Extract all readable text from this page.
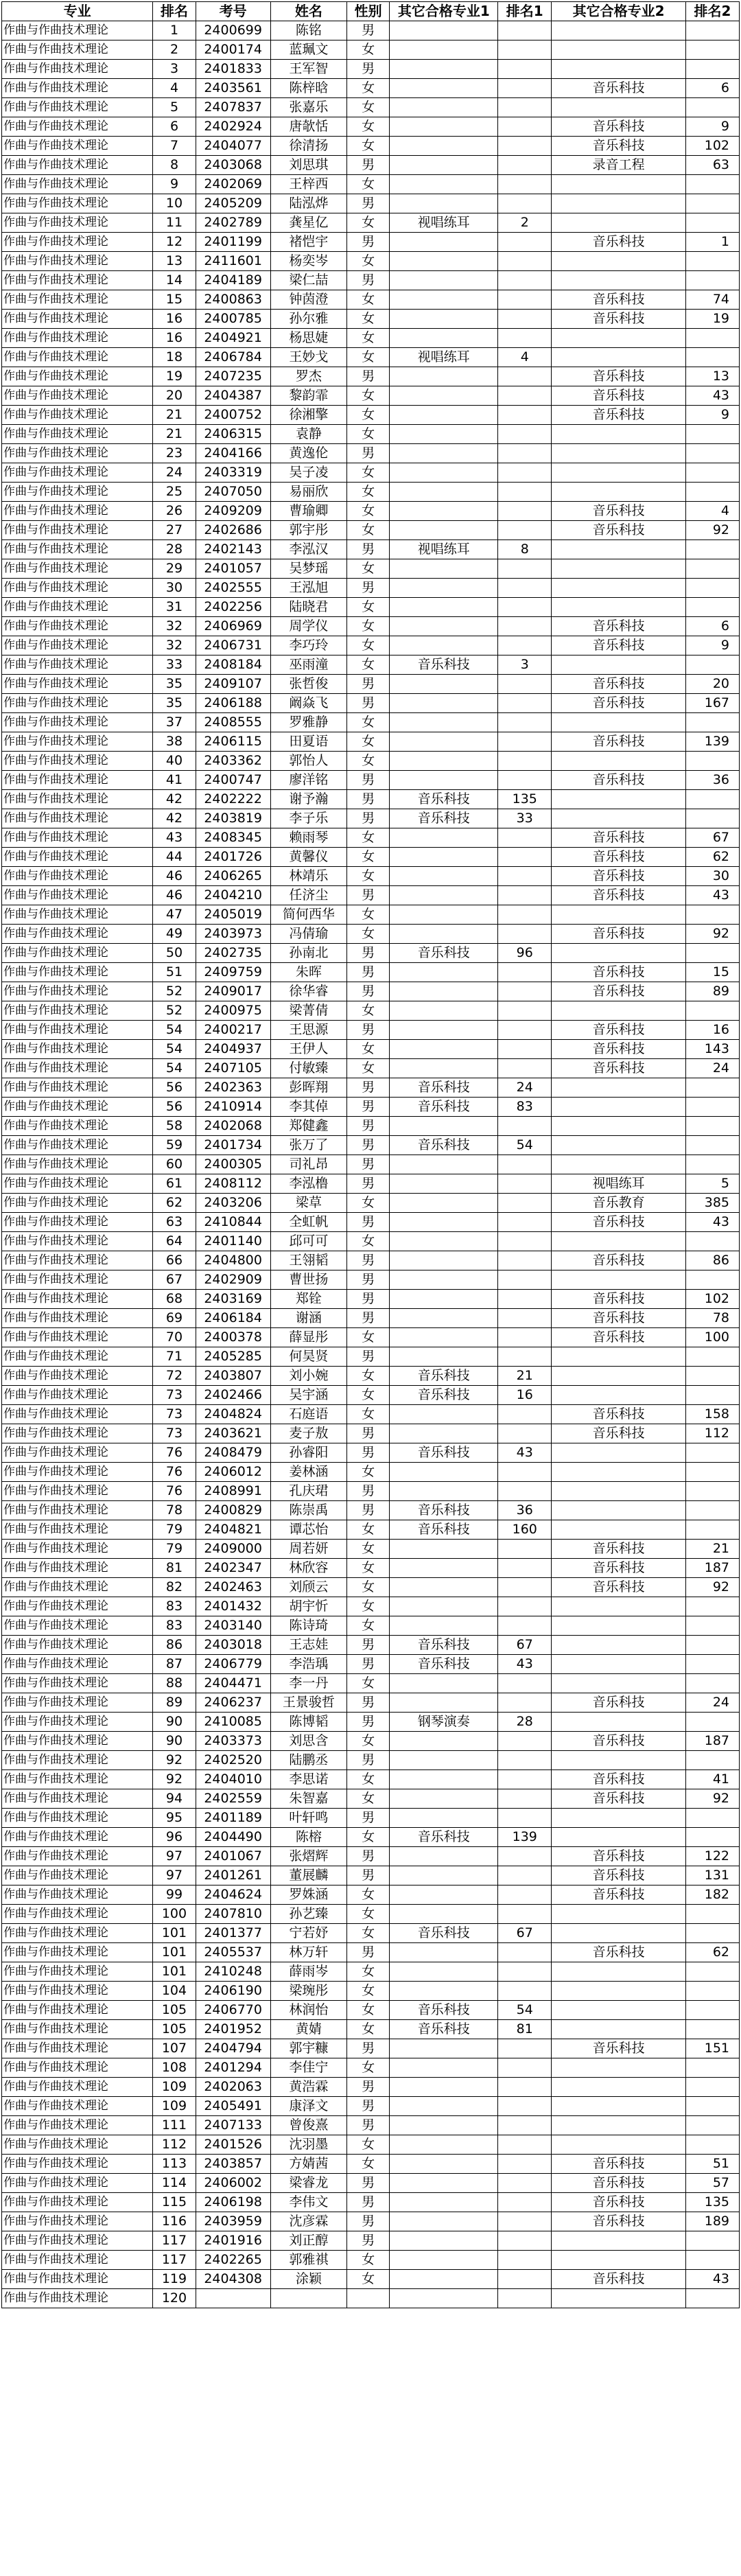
专业	排名	考号	姓名	性别	其它合格专业1	排名1	其它合格专业2	排名2
作曲与作曲技术理论	1	2400699	陈铭	男				
作曲与作曲技术理论	2	2400174	蓝珮文	女				
作曲与作曲技术理论	3	2401833	王军智	男				
作曲与作曲技术理论	4	2403561	陈梓晗	女			音乐科技	6
作曲与作曲技术理论	5	2407837	张嘉乐	女				
作曲与作曲技术理论	6	2402924	唐欹恬	女			音乐科技	9
作曲与作曲技术理论	7	2404077	徐清扬	女			音乐科技	102
作曲与作曲技术理论	8	2403068	刘思琪	男			录音工程	63
作曲与作曲技术理论	9	2402069	王梓西	女				
作曲与作曲技术理论	10	2405209	陆泓烨	男				
作曲与作曲技术理论	11	2402789	龚星亿	女	视唱练耳	2		
作曲与作曲技术理论	12	2401199	褚恺宇	男			音乐科技	1
作曲与作曲技术理论	13	2411601	杨奕岑	女				
作曲与作曲技术理论	14	2404189	梁仁喆	男				
作曲与作曲技术理论	15	2400863	钟茵澄	女			音乐科技	74
作曲与作曲技术理论	16	2400785	孙尔雅	女			音乐科技	19
作曲与作曲技术理论	16	2404921	杨思婕	女				
作曲与作曲技术理论	18	2406784	王妙戈	女	视唱练耳	4		
作曲与作曲技术理论	19	2407235	罗杰	男			音乐科技	13
作曲与作曲技术理论	20	2404387	黎韵霏	女			音乐科技	43
作曲与作曲技术理论	21	2400752	徐湘擎	女			音乐科技	9
作曲与作曲技术理论	21	2406315	袁静	女				
作曲与作曲技术理论	23	2404166	黄逸伦	男				
作曲与作曲技术理论	24	2403319	吴子凌	女				
作曲与作曲技术理论	25	2407050	易丽欣	女				
作曲与作曲技术理论	26	2409209	曹瑜卿	女			音乐科技	4
作曲与作曲技术理论	27	2402686	郭宇彤	女			音乐科技	92
作曲与作曲技术理论	28	2402143	李泓汉	男	视唱练耳	8		
作曲与作曲技术理论	29	2401057	吴梦瑶	女				
作曲与作曲技术理论	30	2402555	王泓旭	男				
作曲与作曲技术理论	31	2402256	陆晓君	女				
作曲与作曲技术理论	32	2406969	周学仪	女			音乐科技	6
作曲与作曲技术理论	32	2406731	李巧玲	女			音乐科技	9
作曲与作曲技术理论	33	2408184	巫雨潼	女	音乐科技	3		
作曲与作曲技术理论	35	2409107	张哲俊	男			音乐科技	20
作曲与作曲技术理论	35	2406188	阚焱飞	男			音乐科技	167
作曲与作曲技术理论	37	2408555	罗雅静	女				
作曲与作曲技术理论	38	2406115	田夏语	女			音乐科技	139
作曲与作曲技术理论	40	2403362	郭怡人	女				
作曲与作曲技术理论	41	2400747	廖洋铭	男			音乐科技	36
作曲与作曲技术理论	42	2402222	谢予瀚	男	音乐科技	135		
作曲与作曲技术理论	42	2403819	李子乐	男	音乐科技	33		
作曲与作曲技术理论	43	2408345	赖雨琴	女			音乐科技	67
作曲与作曲技术理论	44	2401726	黄馨仪	女			音乐科技	62
作曲与作曲技术理论	46	2406265	林靖乐	女			音乐科技	30
作曲与作曲技术理论	46	2404210	任济尘	男			音乐科技	43
作曲与作曲技术理论	47	2405019	简何西华	女				
作曲与作曲技术理论	49	2403973	冯倩瑜	女			音乐科技	92
作曲与作曲技术理论	50	2402735	孙南北	男	音乐科技	96		
作曲与作曲技术理论	51	2409759	朱晖	男			音乐科技	15
作曲与作曲技术理论	52	2409017	徐华睿	男			音乐科技	89
作曲与作曲技术理论	52	2400975	梁菁倩	女				
作曲与作曲技术理论	54	2400217	王思源	男			音乐科技	16
作曲与作曲技术理论	54	2404937	王伊人	女			音乐科技	143
作曲与作曲技术理论	54	2407105	付敏臻	女			音乐科技	24
作曲与作曲技术理论	56	2402363	彭晖翔	男	音乐科技	24		
作曲与作曲技术理论	56	2410914	李其倬	男	音乐科技	83		
作曲与作曲技术理论	58	2402068	郑健鑫	男				
作曲与作曲技术理论	59	2401734	张万了	男	音乐科技	54		
作曲与作曲技术理论	60	2400305	司礼昂	男				
作曲与作曲技术理论	61	2408112	李泓橹	男			视唱练耳	5
作曲与作曲技术理论	62	2403206	梁草	女			音乐教育	385
作曲与作曲技术理论	63	2410844	全虹帆	男			音乐科技	43
作曲与作曲技术理论	64	2401140	邱可可	女				
作曲与作曲技术理论	66	2404800	王翎韬	男			音乐科技	86
作曲与作曲技术理论	67	2402909	曹世扬	男				
作曲与作曲技术理论	68	2403169	郑铨	男			音乐科技	102
作曲与作曲技术理论	69	2406184	谢涵	男			音乐科技	78
作曲与作曲技术理论	70	2400378	薛显彤	女			音乐科技	100
作曲与作曲技术理论	71	2405285	何昊贤	男				
作曲与作曲技术理论	72	2403807	刘小婉	女	音乐科技	21		
作曲与作曲技术理论	73	2402466	吴宇涵	女	音乐科技	16		
作曲与作曲技术理论	73	2404824	石庭语	女			音乐科技	158
作曲与作曲技术理论	73	2403621	麦子敖	男			音乐科技	112
作曲与作曲技术理论	76	2408479	孙睿阳	男	音乐科技	43		
作曲与作曲技术理论	76	2406012	姜林涵	女				
作曲与作曲技术理论	76	2408991	孔庆珺	男				
作曲与作曲技术理论	78	2400829	陈崇禹	男	音乐科技	36		
作曲与作曲技术理论	79	2404821	谭芯怡	女	音乐科技	160		
作曲与作曲技术理论	79	2409000	周若妍	女			音乐科技	21
作曲与作曲技术理论	81	2402347	林欣容	女			音乐科技	187
作曲与作曲技术理论	82	2402463	刘颀云	女			音乐科技	92
作曲与作曲技术理论	83	2401432	胡宇忻	女				
作曲与作曲技术理论	83	2403140	陈诗琦	女				
作曲与作曲技术理论	86	2403018	王志娃	男	音乐科技	67		
作曲与作曲技术理论	87	2406779	李浩瑀	男	音乐科技	43		
作曲与作曲技术理论	88	2404471	李一丹	女				
作曲与作曲技术理论	89	2406237	王景骏哲	男			音乐科技	24
作曲与作曲技术理论	90	2410085	陈博韬	男	钢琴演奏	28		
作曲与作曲技术理论	90	2403373	刘思含	女			音乐科技	187
作曲与作曲技术理论	92	2402520	陆鹏丞	男				
作曲与作曲技术理论	92	2404010	李思诺	女			音乐科技	41
作曲与作曲技术理论	94	2402559	朱智嘉	女			音乐科技	92
作曲与作曲技术理论	95	2401189	叶轩鸣	男				
作曲与作曲技术理论	96	2404490	陈榕	女	音乐科技	139		
作曲与作曲技术理论	97	2401067	张熠辉	男			音乐科技	122
作曲与作曲技术理论	97	2401261	董展麟	男			音乐科技	131
作曲与作曲技术理论	99	2404624	罗姝涵	女			音乐科技	182
作曲与作曲技术理论	100	2407810	孙艺臻	女				
作曲与作曲技术理论	101	2401377	宁若妤	女	音乐科技	67		
作曲与作曲技术理论	101	2405537	林万轩	男			音乐科技	62
作曲与作曲技术理论	101	2410248	薛雨岑	女				
作曲与作曲技术理论	104	2406190	梁琬彤	女				
作曲与作曲技术理论	105	2406770	林润怡	女	音乐科技	54		
作曲与作曲技术理论	105	2401952	黄婧	女	音乐科技	81		
作曲与作曲技术理论	107	2404794	郭宇糠	男			音乐科技	151
作曲与作曲技术理论	108	2401294	李佳宁	女				
作曲与作曲技术理论	109	2402063	黄浩霖	男				
作曲与作曲技术理论	109	2405491	康泽文	男				
作曲与作曲技术理论	111	2407133	曾俊熹	男				
作曲与作曲技术理论	112	2401526	沈羽墨	女				
作曲与作曲技术理论	113	2403857	方婧茜	女			音乐科技	51
作曲与作曲技术理论	114	2406002	梁睿龙	男			音乐科技	57
作曲与作曲技术理论	115	2406198	李伟文	男			音乐科技	135
作曲与作曲技术理论	116	2403959	沈彦霖	男			音乐科技	189
作曲与作曲技术理论	117	2401916	刘正醇	男				
作曲与作曲技术理论	117	2402265	郭雅祺	女				
作曲与作曲技术理论	119	2404308	涂颖	女			音乐科技	43
作曲与作曲技术理论	120							
